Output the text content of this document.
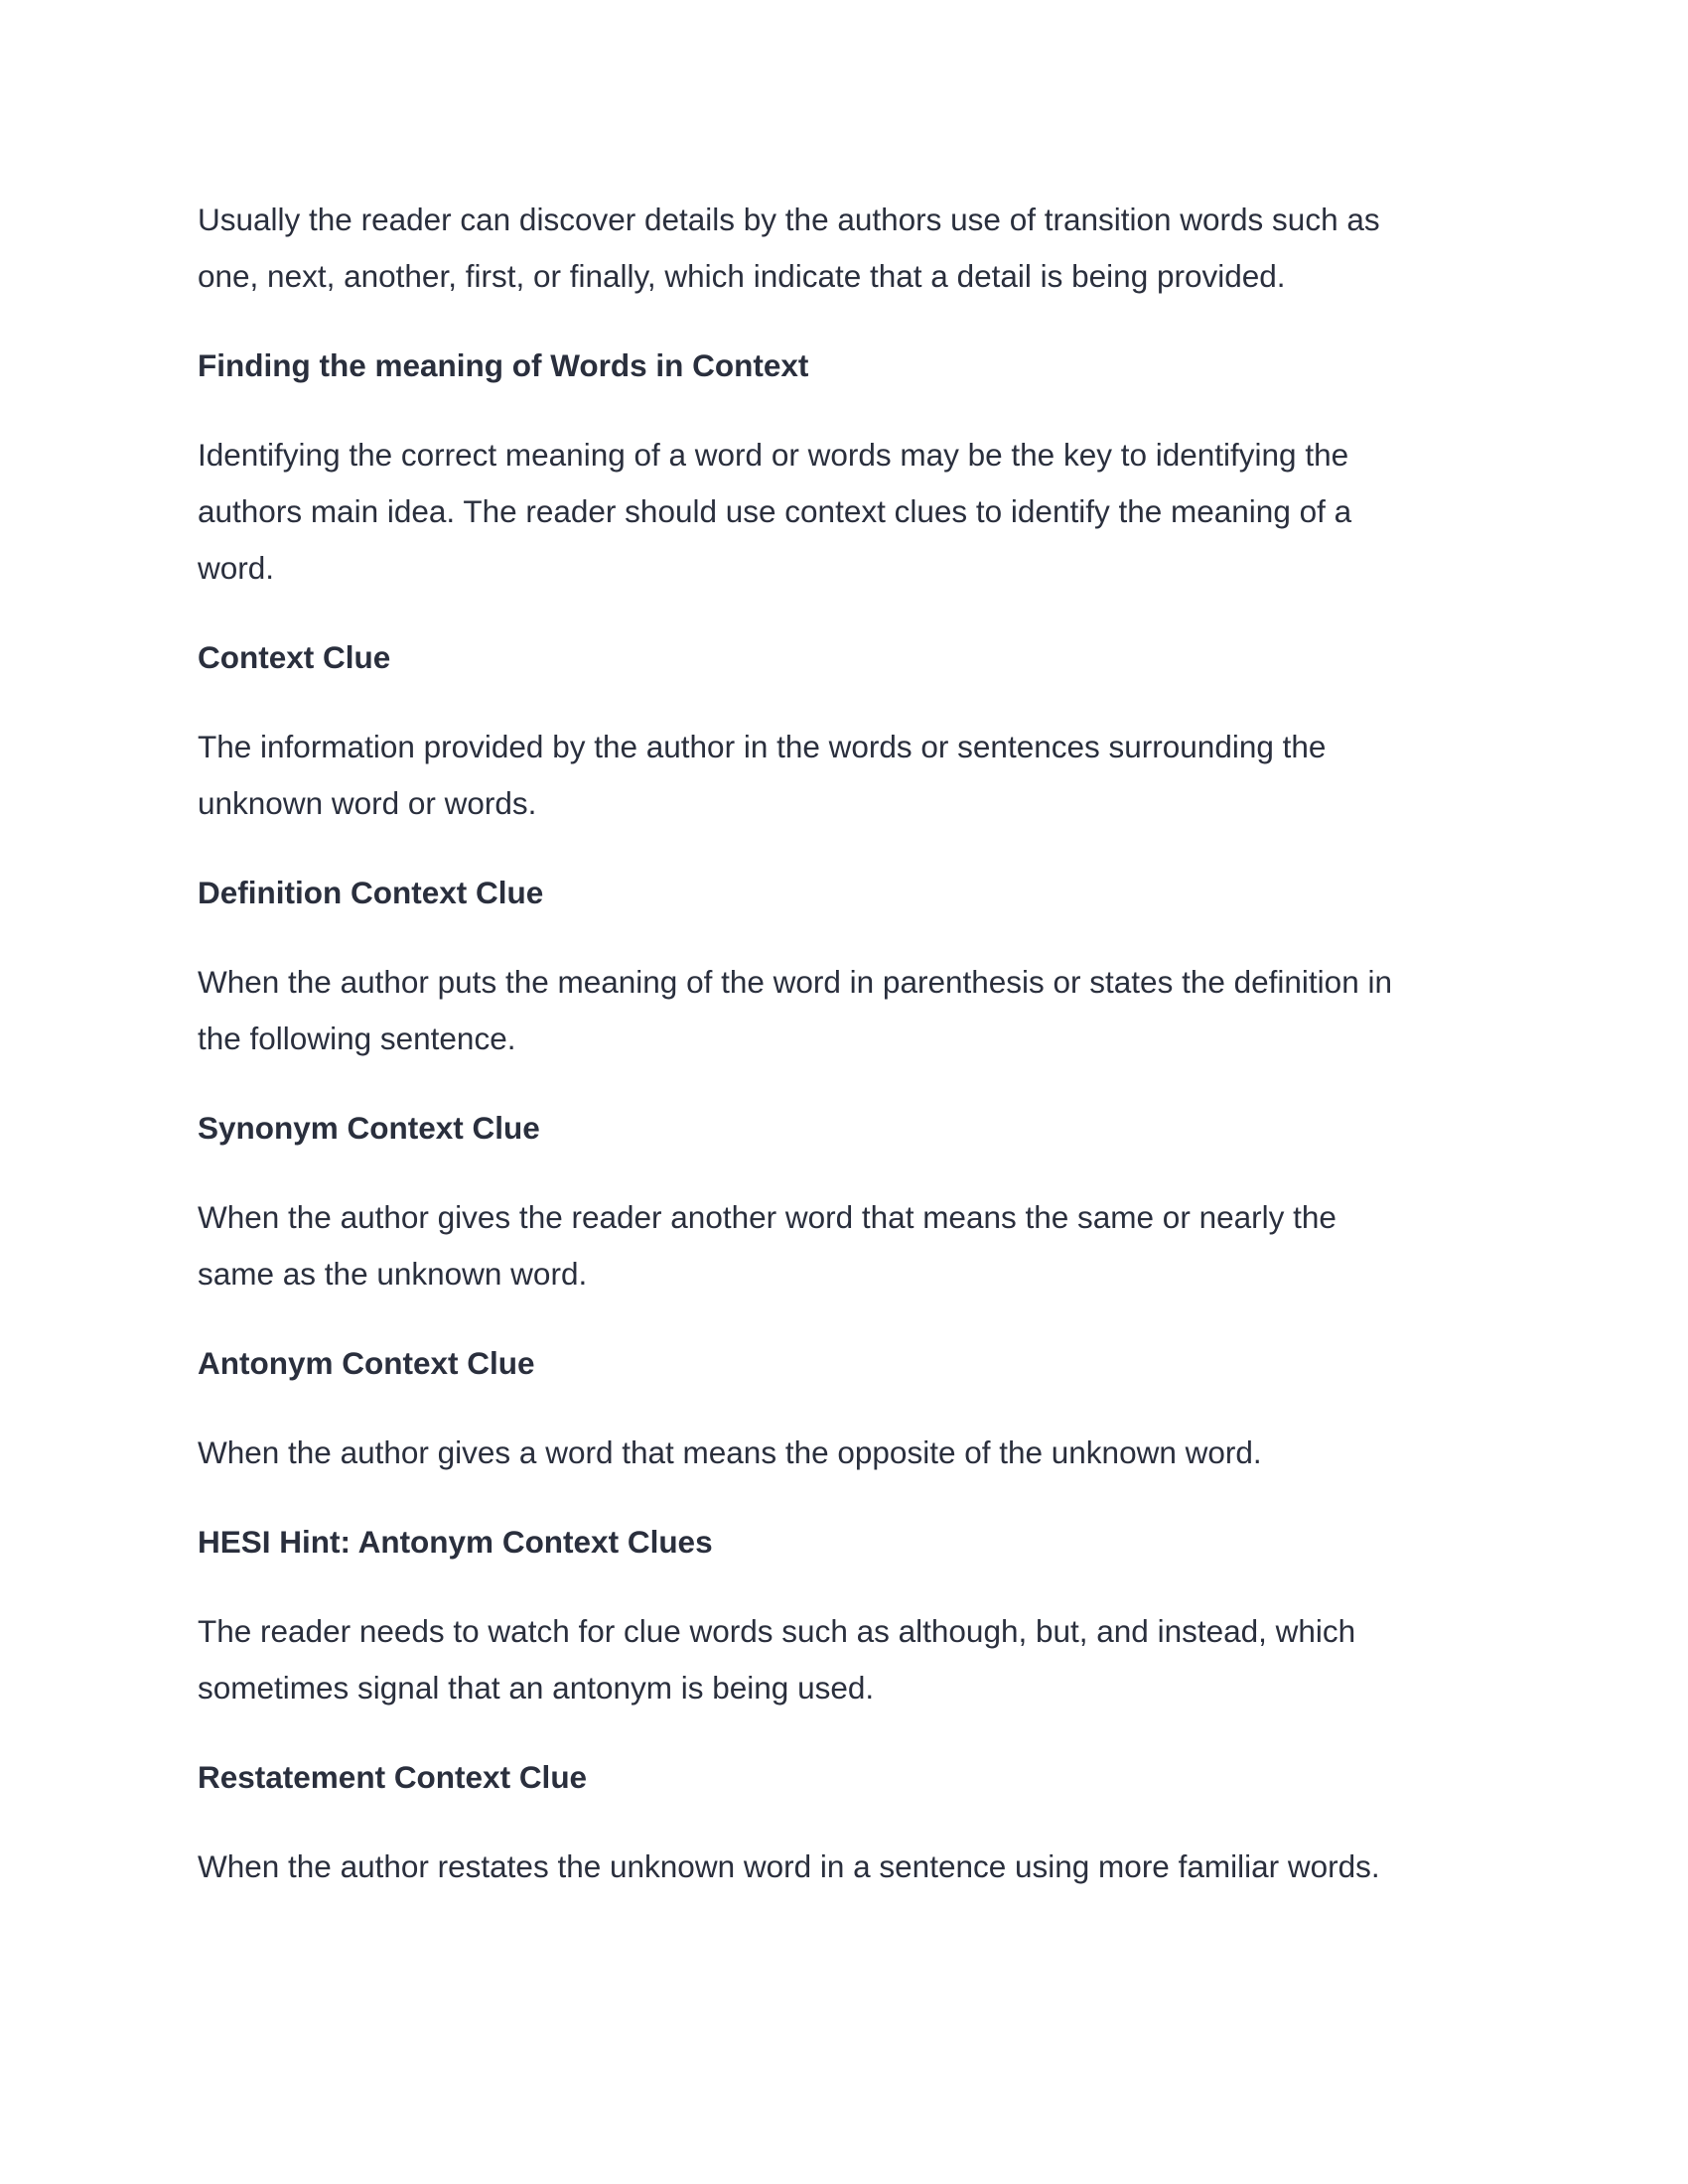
Usually the reader can discover details by the authors use of transition words such as
one, next, another, first, or finally, which indicate that a detail is being provided.
Finding the meaning of Words in Context
Identifying the correct meaning of a word or words may be the key to identifying the
authors main idea. The reader should use context clues to identify the meaning of a
word.
Context Clue
The information provided by the author in the words or sentences surrounding the
unknown word or words.
Definition Context Clue
When the author puts the meaning of the word in parenthesis or states the definition in
the following sentence.
Synonym Context Clue
When the author gives the reader another word that means the same or nearly the
same as the unknown word.
Antonym Context Clue
When the author gives a word that means the opposite of the unknown word.
HESI Hint: Antonym Context Clues
The reader needs to watch for clue words such as although, but, and instead, which
sometimes signal that an antonym is being used.
Restatement Context Clue
When the author restates the unknown word in a sentence using more familiar words.
